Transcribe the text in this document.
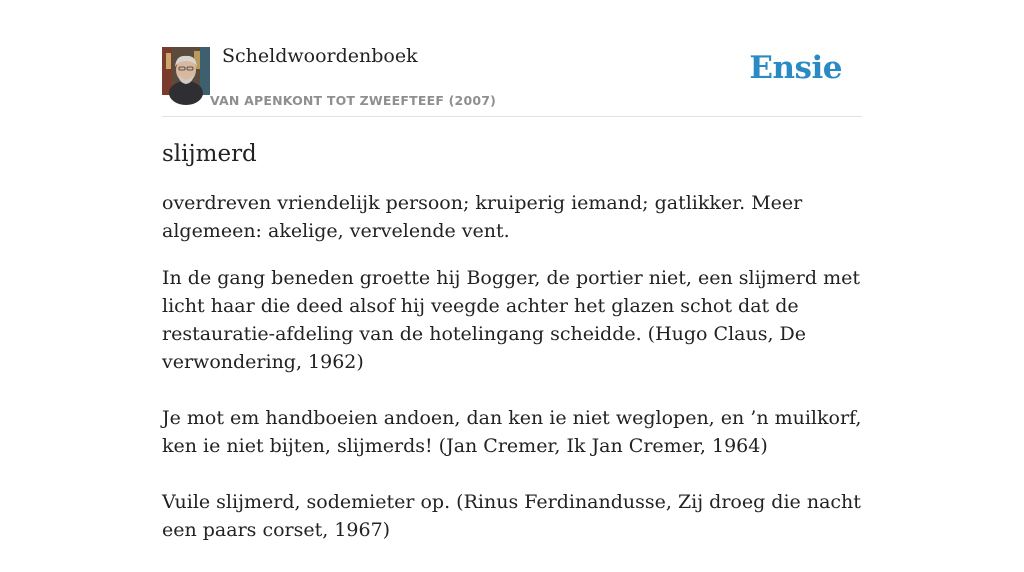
Scheldwoordenboek
VAN APENKONT TOT ZWEEFTEEF (2007)
Ensie
slijmerd

overdreven vriendelijk persoon; kruiperig iemand; gatlikker. Meer algemeen: akelige, vervelende vent.

In de gang beneden groette hij Bogger, de portier niet, een slijmerd met licht haar die deed alsof hij veegde achter het glazen schot dat de restauratie-afdeling van de hotelingang scheidde. (Hugo Claus, De verwondering, 1962)

Je mot em handboeien andoen, dan ken ie niet weglopen, en ’n muilkorf, ken ie niet bijten, slijmerds! (Jan Cremer, Ik Jan Cremer, 1964)

Vuile slijmerd, sodemieter op. (Rinus Ferdinandusse, Zij droeg die nacht een paars corset, 1967)
